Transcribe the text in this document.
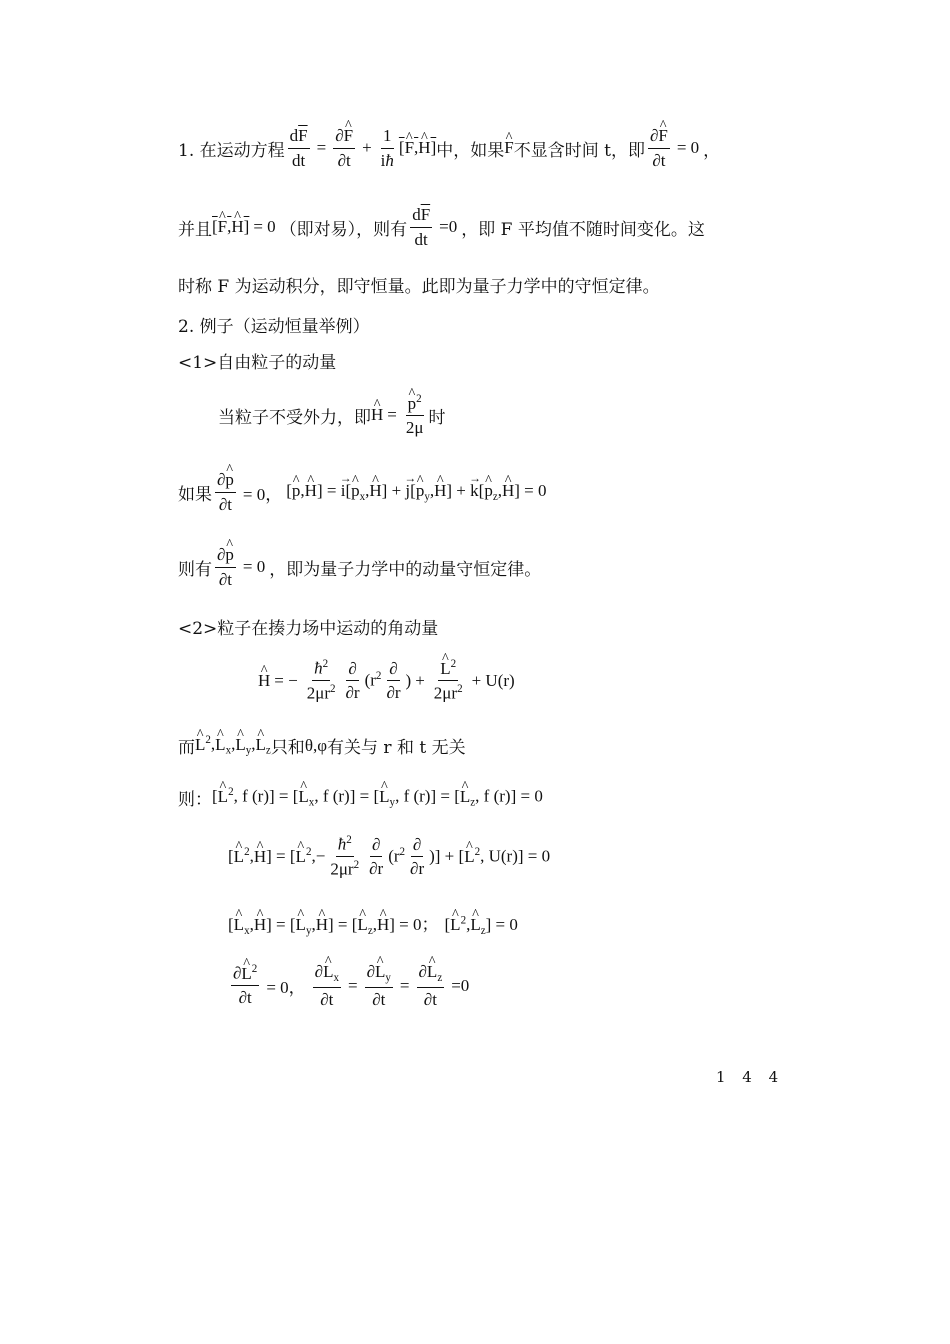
1. 在运动方程 $\frac{d\overline{F}}{dt} = \frac{\partial\^{} \overline{F}}{\partial t} + \frac{1}{iħ}$ [^ F,^ H] 中，如果 ^ F 不显含时间 t，即 $\frac{\partial\^{} \overline{F}}{\partial t} = 0$ ，
并且 [^ F,^ H] = 0 （即对易），则有 $\frac{d\overline{F}}{dt} =0$ ，即 F 平均值不随时间变化。这
时称 F 为运动积分，即守恒量。此即为量子力学中的守恒定律。
2. 例子（运动恒量举例）
<1>自由粒子的动量
当粒子不受外力，即 ^ H = ^ $\frac{p^2}{2\mu}$ 时
如果 $\frac{\partial\^{} p}{\partial t} = 0$， [^ p,^ H] = → i[^ $p_x,\^{}$ H] + → j[^ $p_y,\^{}$ H] + → k[^ $p_z,\^{}$ H] = 0
则有 $\frac{\partial\^{} \overline{p}}{\partial t} = 0$ ，即为量子力学中的动量守恒定律。
<2>粒子在揍力场中运动的角动量
^ H = − $\frac{ħ^2}{2\mu r^2} \frac{\partial}{\partial r} (r^2 \frac{\partial}{\partial r}$ ) + ^ $\frac{L^2}{2\mu r^2} + U(r)$
而 ^ $L^2,\^{}$ $L_x,\^{}$ $L_y,\^{}$ $L_z$ 只和 θ,φ 有关与 r 和 t 无关
则： [^ $L^2$, f (r)] = [^ $L_x$, f (r)] = [^ $L_y$, f (r)] = [^ $L_z$, f (r)] = 0
[^ $L^2,\^{}$ H] = [^ $L^2,- \frac{ħ^2}{2\mu r^2} \frac{\partial}{\partial r} (r^2 \frac{\partial}{\partial r}$ )] + [^ $L^2$, U(r)] = 0
[^ $L_x,\^{}$ H] = [^ $L_y,\^{}$ H] = [^ $L_z,\^{}$ H] = 0； [^ $L^2,\^{}$ $L_z] = 0$
$\frac{\partial\^{} L^2}{\partial t} = 0$， $\frac{\partial\^{} L_x}{\partial t} = \frac{\partial\^{} L_y}{\partial t} = \frac{\partial\^{} L_z}{\partial t} =0$
1 4 4
